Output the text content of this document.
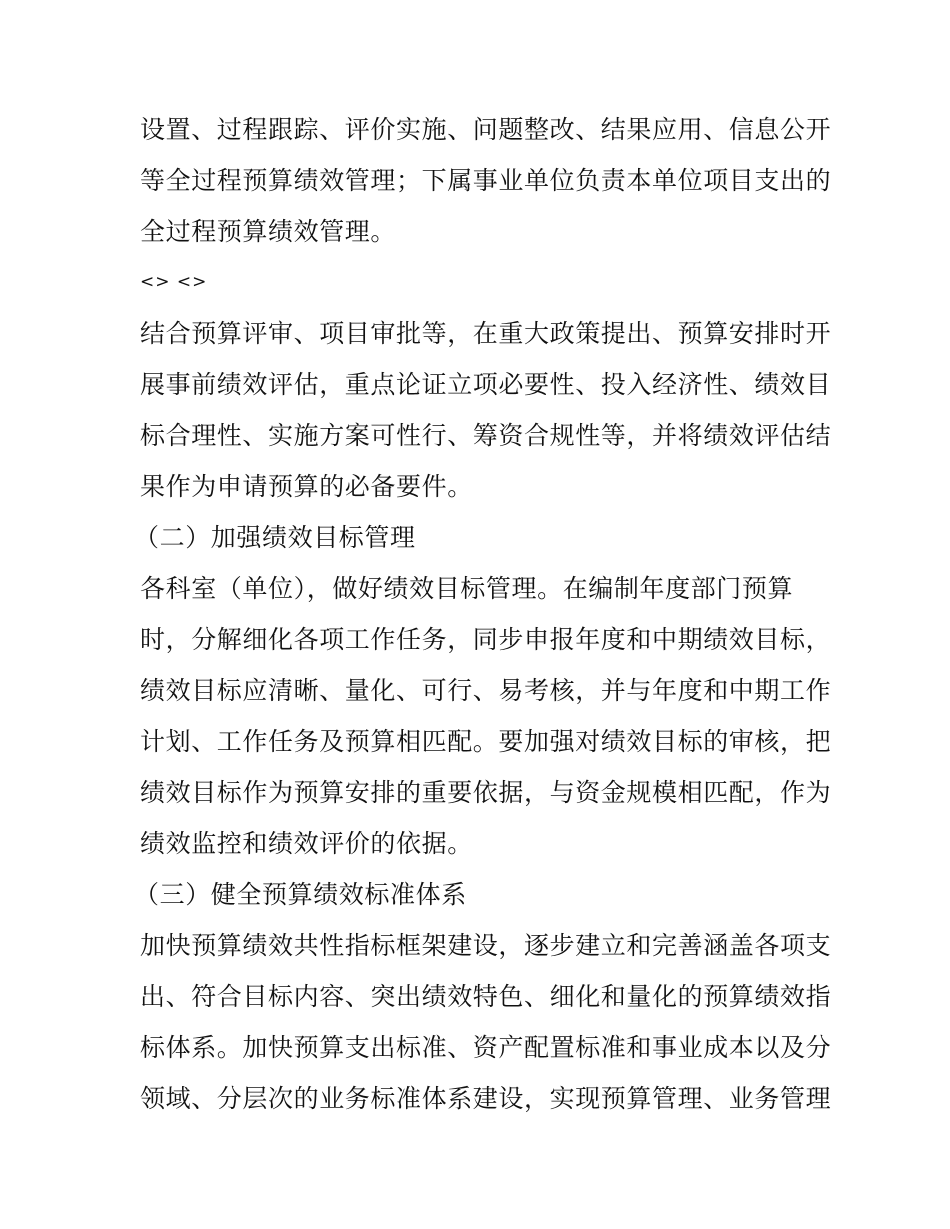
设置、过程跟踪、评价实施、问题整改、结果应用、信息公开
等全过程预算绩效管理；下属事业单位负责本单位项目支出的
全过程预算绩效管理。
<> <>
结合预算评审、项目审批等，在重大政策提出、预算安排时开
展事前绩效评估，重点论证立项必要性、投入经济性、绩效目
标合理性、实施方案可性行、筹资合规性等，并将绩效评估结
果作为申请预算的必备要件。
（二）加强绩效目标管理
各科室（单位），做好绩效目标管理。在编制年度部门预算
时，分解细化各项工作任务，同步申报年度和中期绩效目标，
绩效目标应清晰、量化、可行、易考核，并与年度和中期工作
计划、工作任务及预算相匹配。要加强对绩效目标的审核，把
绩效目标作为预算安排的重要依据，与资金规模相匹配，作为
绩效监控和绩效评价的依据。
（三）健全预算绩效标准体系
加快预算绩效共性指标框架建设，逐步建立和完善涵盖各项支
出、符合目标内容、突出绩效特色、细化和量化的预算绩效指
标体系。加快预算支出标准、资产配置标准和事业成本以及分
领域、分层次的业务标准体系建设，实现预算管理、业务管理
